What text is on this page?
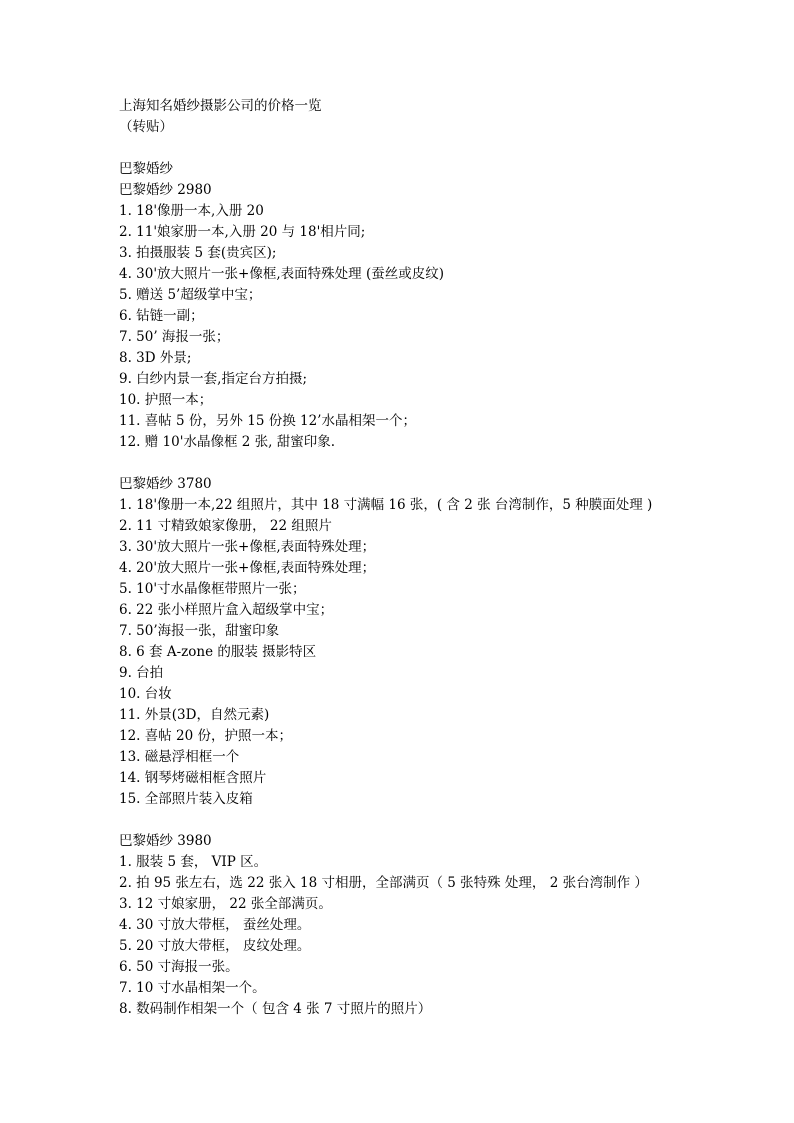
上海知名婚纱摄影公司的价格一览
（转贴）
巴黎婚纱
巴黎婚纱 2980
1. 18'像册一本,入册 20
2. 11'娘家册一本,入册 20 与 18'相片同;
3. 拍摄服装 5 套(贵宾区);
4. 30'放大照片一张+像框,表面特殊处理 (蚕丝或皮纹)
5. 赠送 5’超级掌中宝；
6. 钻链一副；
7. 50’ 海报一张；
8. 3D 外景;
9. 白纱内景一套,指定台方拍摄;
10. 护照一本；
11. 喜帖 5 份，另外 15 份换 12’水晶相架一个；
12. 赠 10'水晶像框 2 张, 甜蜜印象.
巴黎婚纱 3780
1. 18'像册一本,22 组照片，其中 18 寸满幅 16 张，( 含 2 张 台湾制作，5 种膜面处理 )
2. 11 寸精致娘家像册， 22 组照片
3. 30'放大照片一张+像框,表面特殊处理；
4. 20'放大照片一张+像框,表面特殊处理；
5. 10'寸水晶像框带照片一张；
6. 22 张小样照片盒入超级掌中宝；
7. 50’海报一张，甜蜜印象
8. 6 套 A-zone 的服装 摄影特区
9. 台拍
10. 台妆
11. 外景(3D，自然元素)
12. 喜帖 20 份，护照一本；
13. 磁悬浮相框一个
14. 钢琴烤磁相框含照片
15. 全部照片装入皮箱
巴黎婚纱 3980
1. 服装 5 套， VIP 区。
2. 拍 95 张左右，选 22 张入 18 寸相册，全部满页（ 5 张特殊 处理， 2 张台湾制作 ）
3. 12 寸娘家册， 22 张全部满页。
4. 30 寸放大带框， 蚕丝处理。
5. 20 寸放大带框， 皮纹处理。
6. 50 寸海报一张。
7. 10 寸水晶相架一个。
8. 数码制作相架一个（ 包含 4 张 7 寸照片的照片）
